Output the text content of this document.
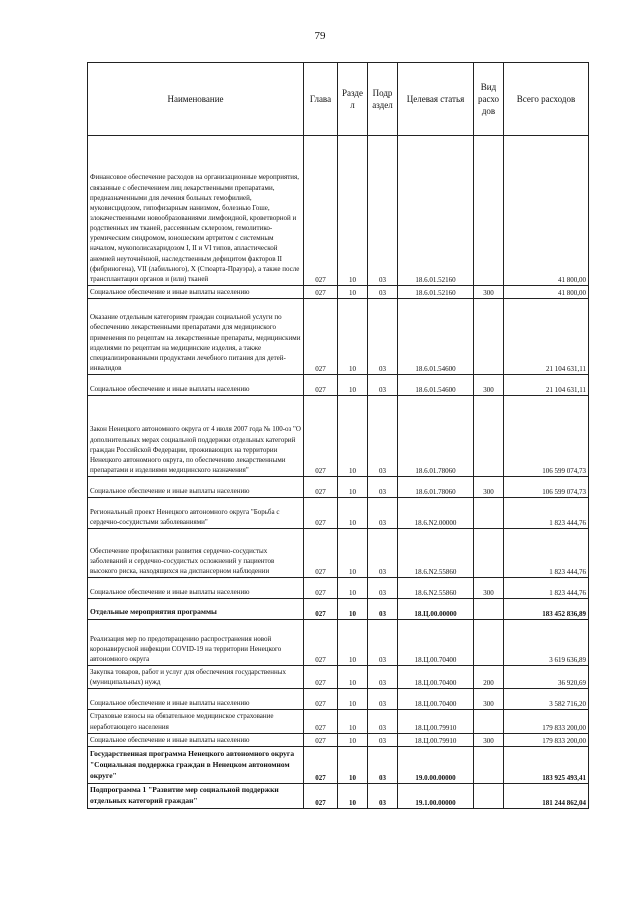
79
Наименование	Глава	Разде л	Подр аздел	Целевая статья	Вид расхо дов	Всего расходов
Финансовое обеспечение расходов на организационные мероприятия, связанные с обеспечением лиц лекарственными препаратами, предназначенными для лечения больных гемофилией, муковисцидозом, гипофизарным нанизмом, болезнью Гоше, злокачественными новообразованиями лимфоидной, кроветворной и родственных им тканей, рассеянным склерозом, гемолитико-уремическим синдромом, юношеским артритом с системным началом, мукополисахаридозом I, II и VI типов, апластической анемией неуточнённой, наследственным дефицитом факторов II (фибриногена), VII (лабильного), X (Стюарта-Прауэра), а также после трансплантации органов и (или) тканей	027	10	03	18.6.01.52160		41 800,00
Социальное обеспечение и иные выплаты населению	027	10	03	18.6.01.52160	300	41 800,00
Оказание отдельным категориям граждан социальной услуги по обеспечению лекарственными препаратами для медицинского применения по рецептам на лекарственные препараты, медицинскими изделиями по рецептам на медицинские изделия, а также специализированными продуктами лечебного питания для детей-инвалидов	027	10	03	18.6.01.54600		21 104 631,11
Социальное обеспечение и иные выплаты населению	027	10	03	18.6.01.54600	300	21 104 631,11
Закон Ненецкого автономного округа от 4 июля 2007 года № 100-оз "О дополнительных мерах социальной поддержки отдельных категорий граждан Российской Федерации, проживающих на территории Ненецкого автономного округа, по обеспечению лекарственными препаратами и изделиями медицинского назначения"	027	10	03	18.6.01.78060		106 599 074,73
Социальное обеспечение и иные выплаты населению	027	10	03	18.6.01.78060	300	106 599 074,73
Региональный проект Ненецкого автономного округа "Борьба с сердечно-сосудистыми заболеваниями"	027	10	03	18.6.N2.00000		1 823 444,76
Обеспечение профилактики развития сердечно-сосудистых заболеваний и сердечно-сосудистых осложнений у пациентов высокого риска, находящихся на диспансерном наблюдении	027	10	03	18.6.N2.55860		1 823 444,76
Социальное обеспечение и иные выплаты населению	027	10	03	18.6.N2.55860	300	1 823 444,76
Отдельные мероприятия программы	027	10	03	18.Ц.00.00000		183 452 836,89
Реализация мер по предотвращению распространения новой коронавирусной инфекции COVID-19 на территории Ненецкого автономного округа	027	10	03	18.Ц.00.70400		3 619 636,89
Закупка товаров, работ и услуг для обеспечения государственных (муниципальных) нужд	027	10	03	18.Ц.00.70400	200	36 920,69
Социальное обеспечение и иные выплаты населению	027	10	03	18.Ц.00.70400	300	3 582 716,20
Страховые взносы на обязательное медицинское страхование неработающего населения	027	10	03	18.Ц.00.79910		179 833 200,00
Социальное обеспечение и иные выплаты населению	027	10	03	18.Ц.00.79910	300	179 833 200,00
Государственная программа Ненецкого автономного округа "Социальная поддержка граждан в Ненецком автономном округе"	027	10	03	19.0.00.00000		183 925 493,41
Подпрограмма 1 "Развитие мер социальной поддержки отдельных категорий граждан"	027	10	03	19.1.00.00000		181 244 862,04
